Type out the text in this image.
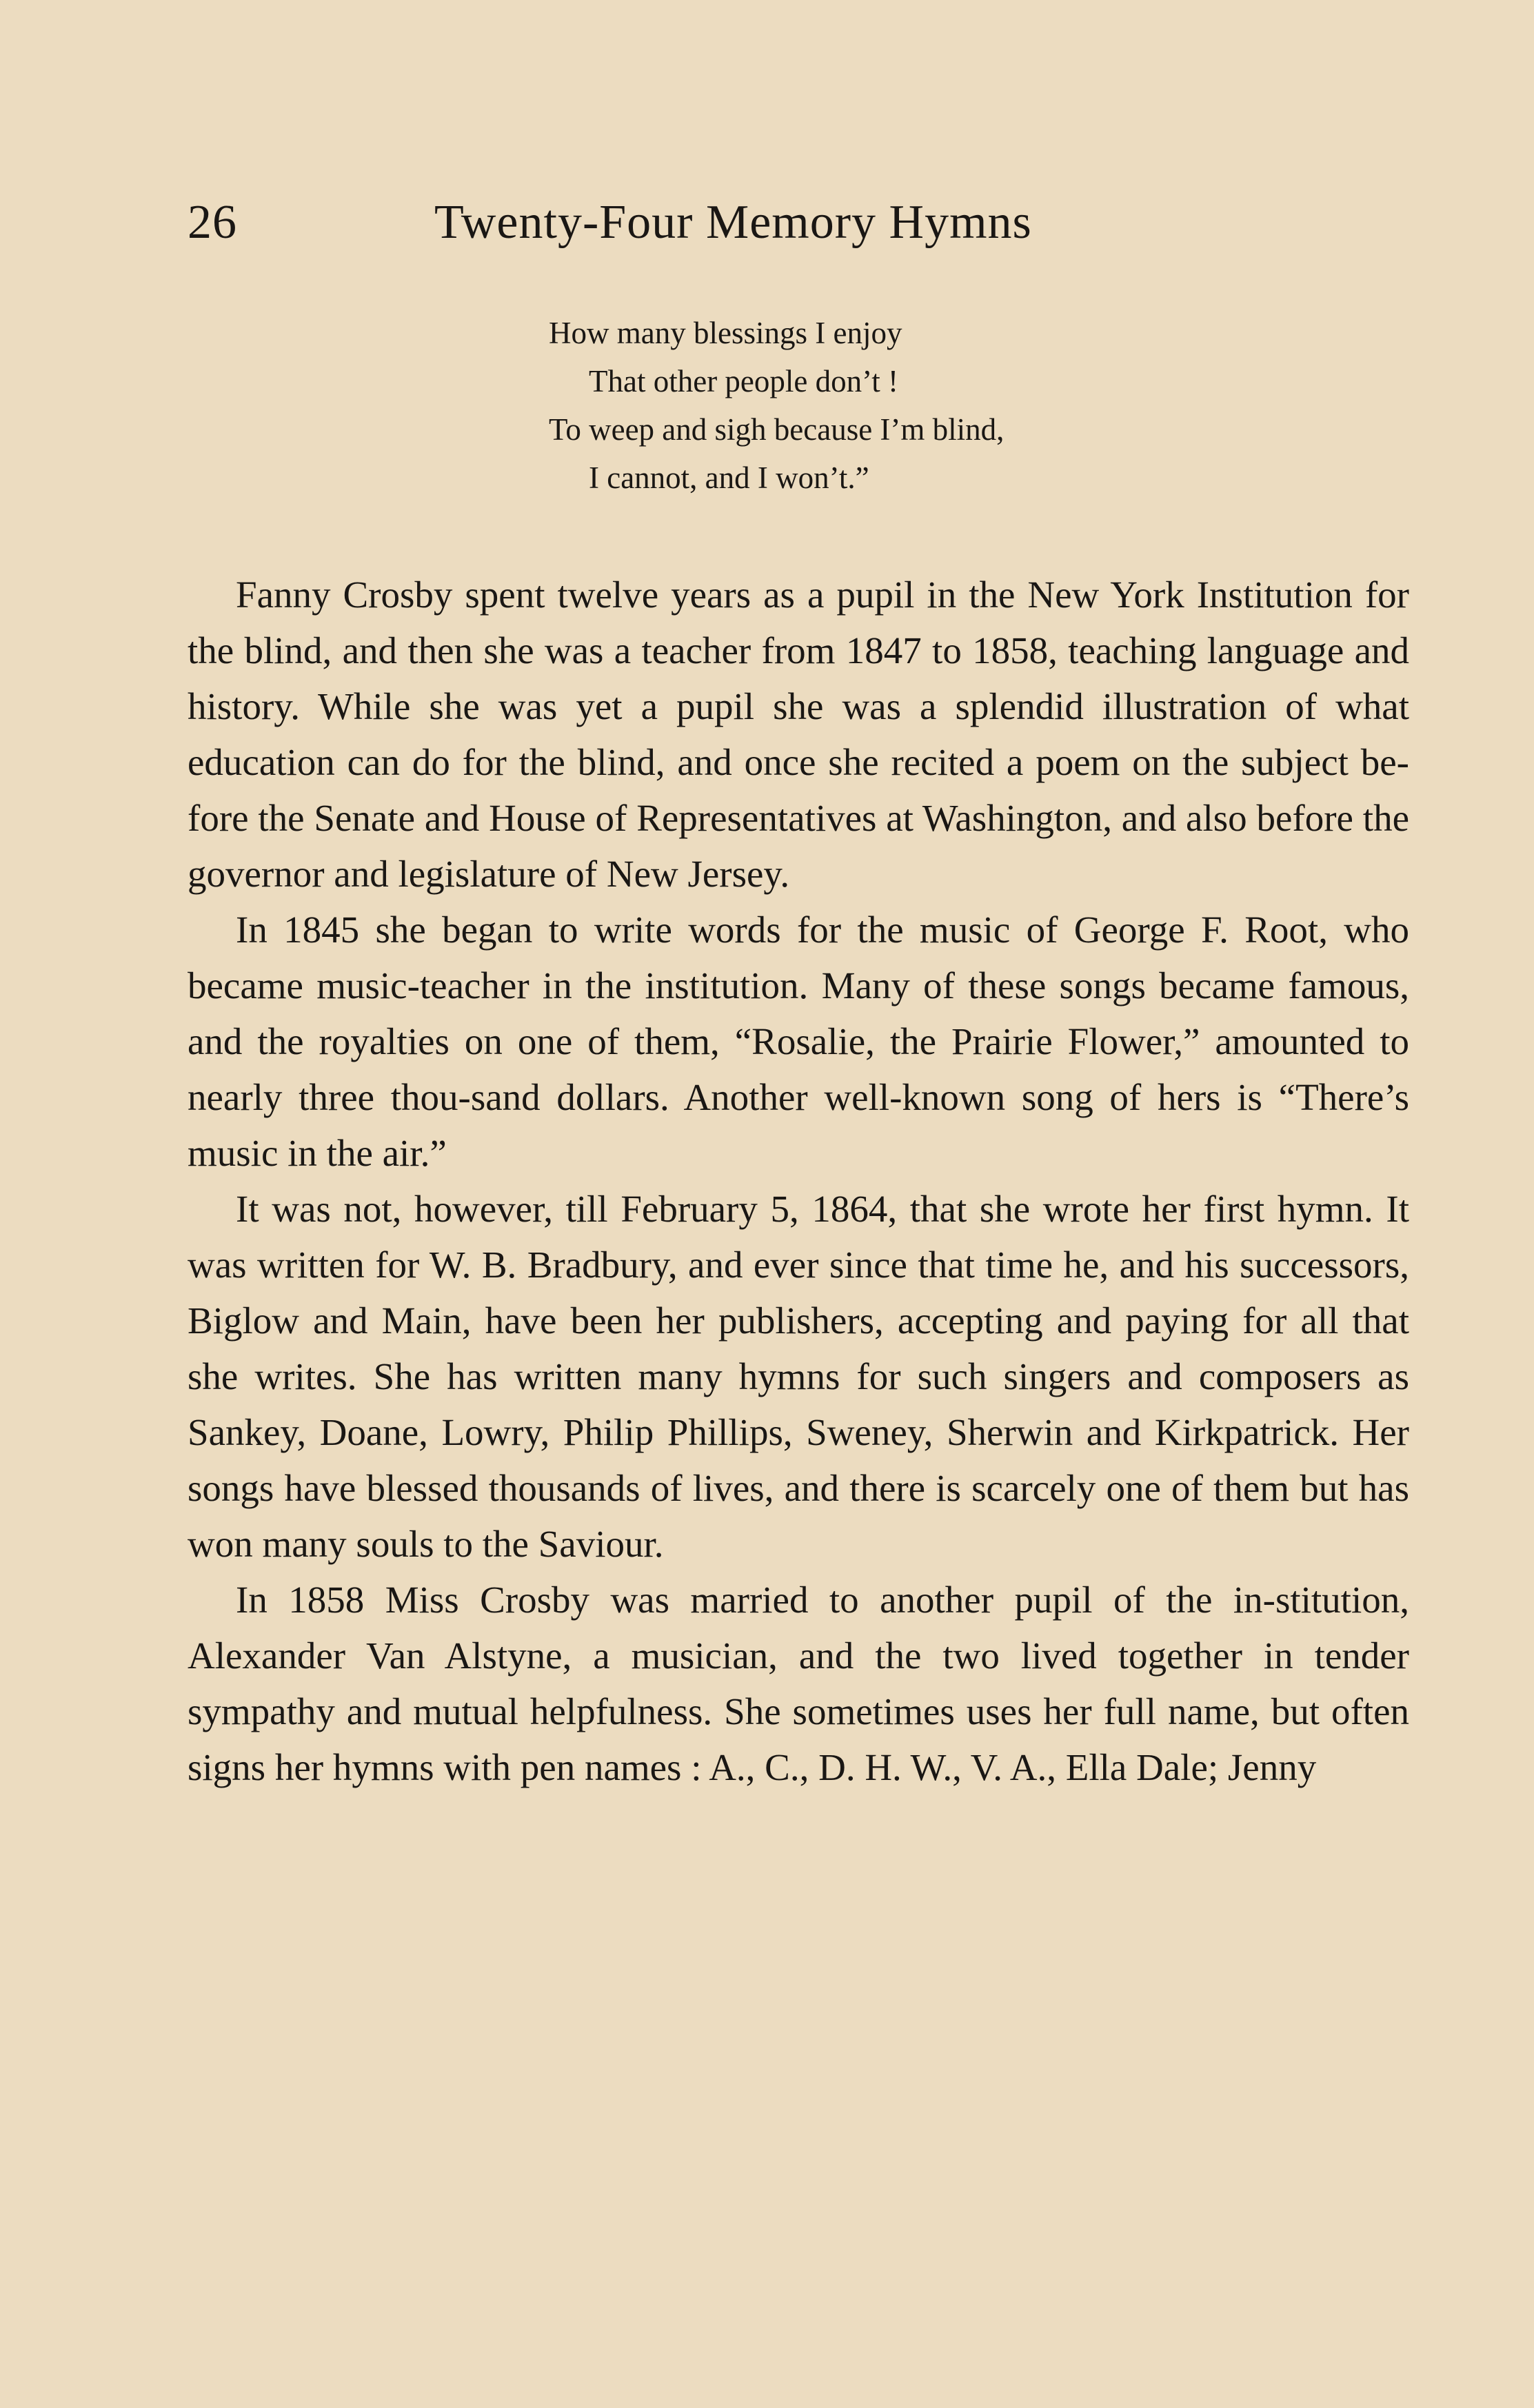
26	Twenty-Four Memory Hymns
How many blessings I enjoy
That other people don’t !
To weep and sigh because I’m blind,
I cannot, and I won’t.”

Fanny Crosby spent twelve years as a pupil in the New York Institution for the blind, and then she was a teacher from 1847 to 1858, teaching language and history. While she was yet a pupil she was a splendid illustration of what education can do for the blind, and once she recited a poem on the subject be-fore the Senate and House of Representatives at Washington, and also before the governor and legislature of New Jersey.

In 1845 she began to write words for the music of George F. Root, who became music-teacher in the institution. Many of these songs became famous, and the royalties on one of them, “Rosalie, the Prairie Flower,” amounted to nearly three thou-sand dollars. Another well-known song of hers is “There’s music in the air.”

It was not, however, till February 5, 1864, that she wrote her first hymn. It was written for W. B. Bradbury, and ever since that time he, and his successors, Biglow and Main, have been her publishers, accepting and paying for all that she writes. She has written many hymns for such singers and composers as Sankey, Doane, Lowry, Philip Phillips, Sweney, Sherwin and Kirkpatrick. Her songs have blessed thousands of lives, and there is scarcely one of them but has won many souls to the Saviour.

In 1858 Miss Crosby was married to another pupil of the in-stitution, Alexander Van Alstyne, a musician, and the two lived together in tender sympathy and mutual helpfulness. She sometimes uses her full name, but often signs her hymns with pen names : A., C., D. H. W., V. A., Ella Dale; Jenny
